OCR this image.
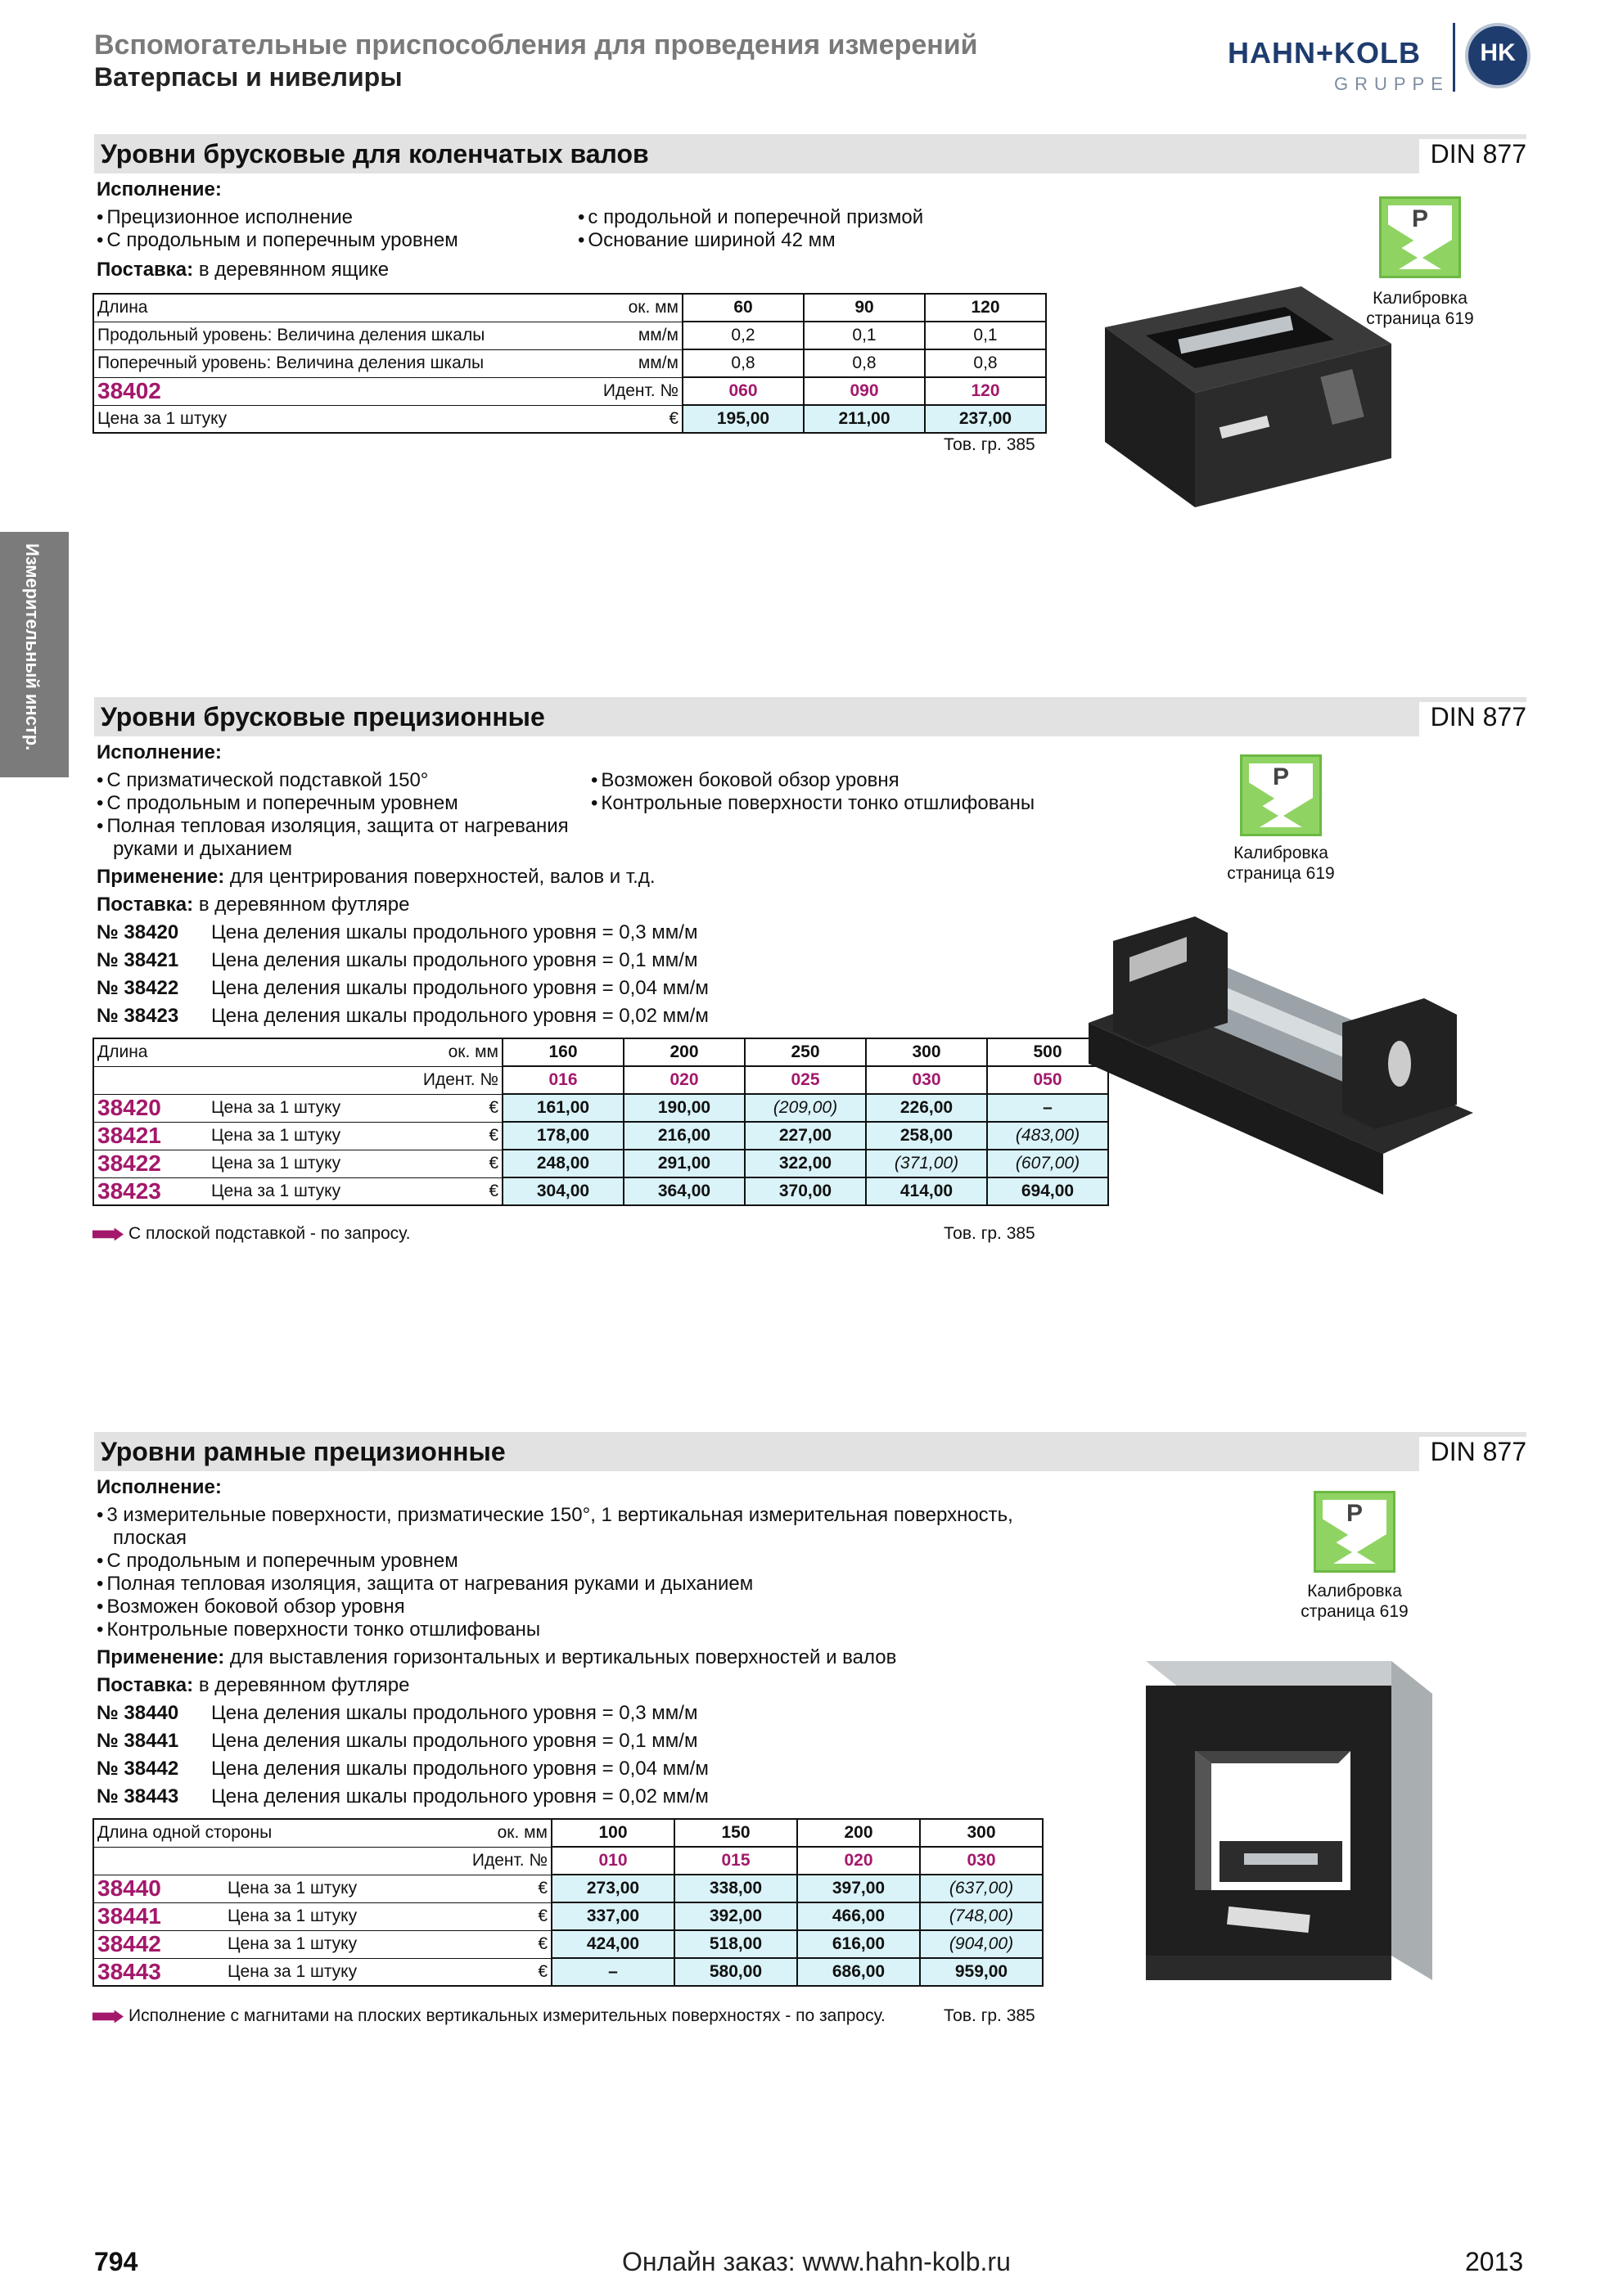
Вспомогательные приспособления для проведения измерений
Ватерпасы и нивелиры
HAHN+KOLB
GRUPPE
HK
Измерительный инстр.
Уровни брусковые для коленчатых валов	DIN 877
Исполнение:
• Прецизионное исполнение
• С продольным и поперечным уровнем
• с продольной и поперечной призмой
• Основание шириной 42 мм
Поставка: в деревянном ящике
Длина	ок. мм	60	90	120
Продольный уровень: Величина деления шкалы	мм/м	0,2	0,1	0,1
Поперечный уровень: Величина деления шкалы	мм/м	0,8	0,8	0,8
38402	Идент. №	060	090	120
Цена за 1 штуку	€	195,00	211,00	237,00
Тов. гр. 385
P
Калибровка
страница 619
Уровни брусковые прецизионные	DIN 877
Исполнение:
• С призматической подставкой 150°
• С продольным и поперечным уровнем
• Полная тепловая изоляция, защита от нагревания
руками и дыханием
• Возможен боковой обзор уровня
• Контрольные поверхности тонко отшлифованы
Применение: для центрирования поверхностей, валов и т.д.
Поставка: в деревянном футляре
№ 38420 Цена деления шкалы продольного уровня = 0,3 мм/м
№ 38421 Цена деления шкалы продольного уровня = 0,1 мм/м
№ 38422 Цена деления шкалы продольного уровня = 0,04 мм/м
№ 38423 Цена деления шкалы продольного уровня = 0,02 мм/м
Длина		ок. мм	160	200	250	300	500
Идент. №			016	020	025	030	050
38420	Цена за 1 штуку	€	161,00	190,00	(209,00)	226,00	–
38421	Цена за 1 штуку	€	178,00	216,00	227,00	258,00	(483,00)
38422	Цена за 1 штуку	€	248,00	291,00	322,00	(371,00)	(607,00)
38423	Цена за 1 штуку	€	304,00	364,00	370,00	414,00	694,00
С плоской подставкой - по запросу.	Тов. гр. 385
P
Калибровка
страница 619
Уровни рамные прецизионные	DIN 877
Исполнение:
• 3 измерительные поверхности, призматические 150°, 1 вертикальная измерительная поверхность,
плоская
• С продольным и поперечным уровнем
• Полная тепловая изоляция, защита от нагревания руками и дыханием
• Возможен боковой обзор уровня
• Контрольные поверхности тонко отшлифованы
Применение: для выставления горизонтальных и вертикальных поверхностей и валов
Поставка: в деревянном футляре
№ 38440 Цена деления шкалы продольного уровня = 0,3 мм/м
№ 38441 Цена деления шкалы продольного уровня = 0,1 мм/м
№ 38442 Цена деления шкалы продольного уровня = 0,04 мм/м
№ 38443 Цена деления шкалы продольного уровня = 0,02 мм/м
Длина одной стороны		ок. мм	100	150	200	300
Идент. №			010	015	020	030
38440	Цена за 1 штуку	€	273,00	338,00	397,00	(637,00)
38441	Цена за 1 штуку	€	337,00	392,00	466,00	(748,00)
38442	Цена за 1 штуку	€	424,00	518,00	616,00	(904,00)
38443	Цена за 1 штуку	€	–	580,00	686,00	959,00
Исполнение с магнитами на плоских вертикальных измерительных поверхностях - по запросу.	Тов. гр. 385
P
Калибровка
страница 619
794	Онлайн заказ: www.hahn-kolb.ru	2013
